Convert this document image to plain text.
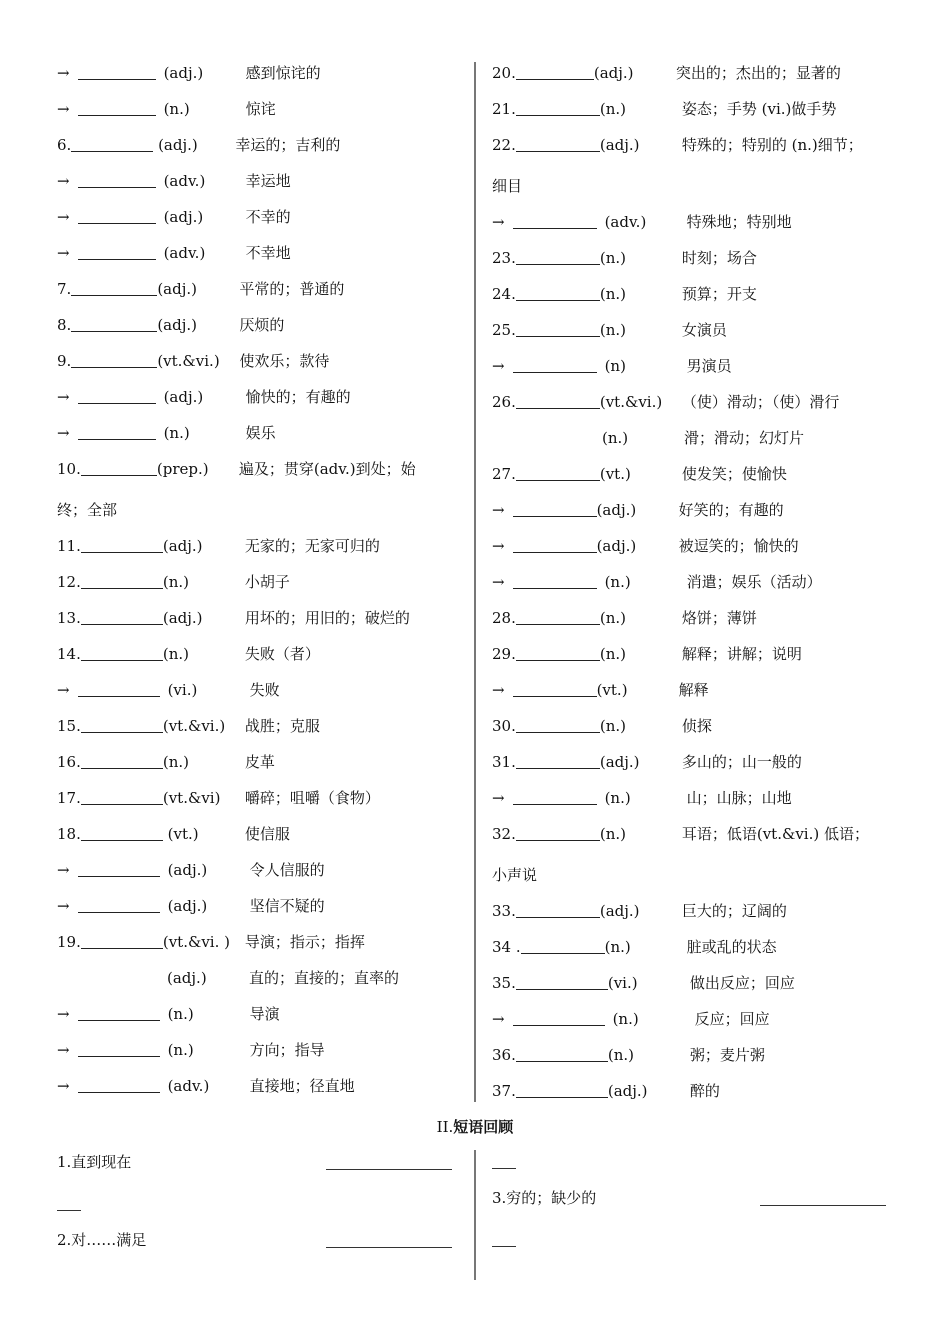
→	(adj.)	感到惊诧的
→	(n.)	惊诧
6.	(adj.)	幸运的；吉利的
→	(adv.)	幸运地
→	(adj.)	不幸的
→	(adv.)	不幸地
7.	(adj.)	平常的；普通的
8.	(adj.)	厌烦的
9.	(vt.&vi.) 使欢乐；款待
→	(adj.)	愉快的；有趣的
→	(n.)	娱乐
10.	(prep.) 遍及；贯穿(adv.)到处；始
终；全部
11.	(adj.)	无家的；无家可归的
12.	(n.)	小胡子
13.	(adj.)	用坏的；用旧的；破烂的
14.	(n.)	失败（者）
→	(vi.)	失败
15.	(vt.&vi.) 战胜；克服
16.	(n.)	皮革
17.	(vt.&vi) 嚼碎；咀嚼（食物）
18.	(vt.)	使信服
→	(adj.)	令人信服的
→	(adj.)	坚信不疑的
19.	(vt.&vi. ) 导演；指示；指挥
(adj.)	直的；直接的；直率的
→	(n.)	导演
→	(n.)	方向；指导
→	(adv.)	直接地；径直地
20.	(adj.)	突出的；杰出的；显著的
21.	(n.)	姿态；手势 (vi.)做手势
22.	(adj.)	特殊的；特别的 (n.)细节；
细目
→	(adv.)	特殊地；特别地
23.	(n.)	时刻；场合
24.	(n.)	预算；开支
25.	(n.)	女演员
→	(n)	男演员
26.	(vt.&vi.) （使）滑动；（使）滑行
(n.)	滑；滑动；幻灯片
27.	(vt.)	使发笑；使愉快
→	(adj.)	好笑的；有趣的
→	(adj.)	被逗笑的；愉快的
→	(n.)	消遣；娱乐（活动）
28.	(n.)	烙饼；薄饼
29.	(n.)	解释；讲解；说明
→	(vt.)	解释
30.	(n.)	侦探
31.	(adj.)	多山的；山一般的
→	(n.)	山；山脉；山地
32.	(n.)	耳语；低语(vt.&vi.) 低语；
小声说
33.	(adj.)	巨大的；辽阔的
34 .	(n.)	脏或乱的状态
35.	(vi.)	做出反应；回应
→	(n.)	反应；回应
36.	(n.)	粥；麦片粥
37.	(adj.)	醉的
II.短语回顾
1.直到现在
2.对……满足
3.穷的；缺少的
